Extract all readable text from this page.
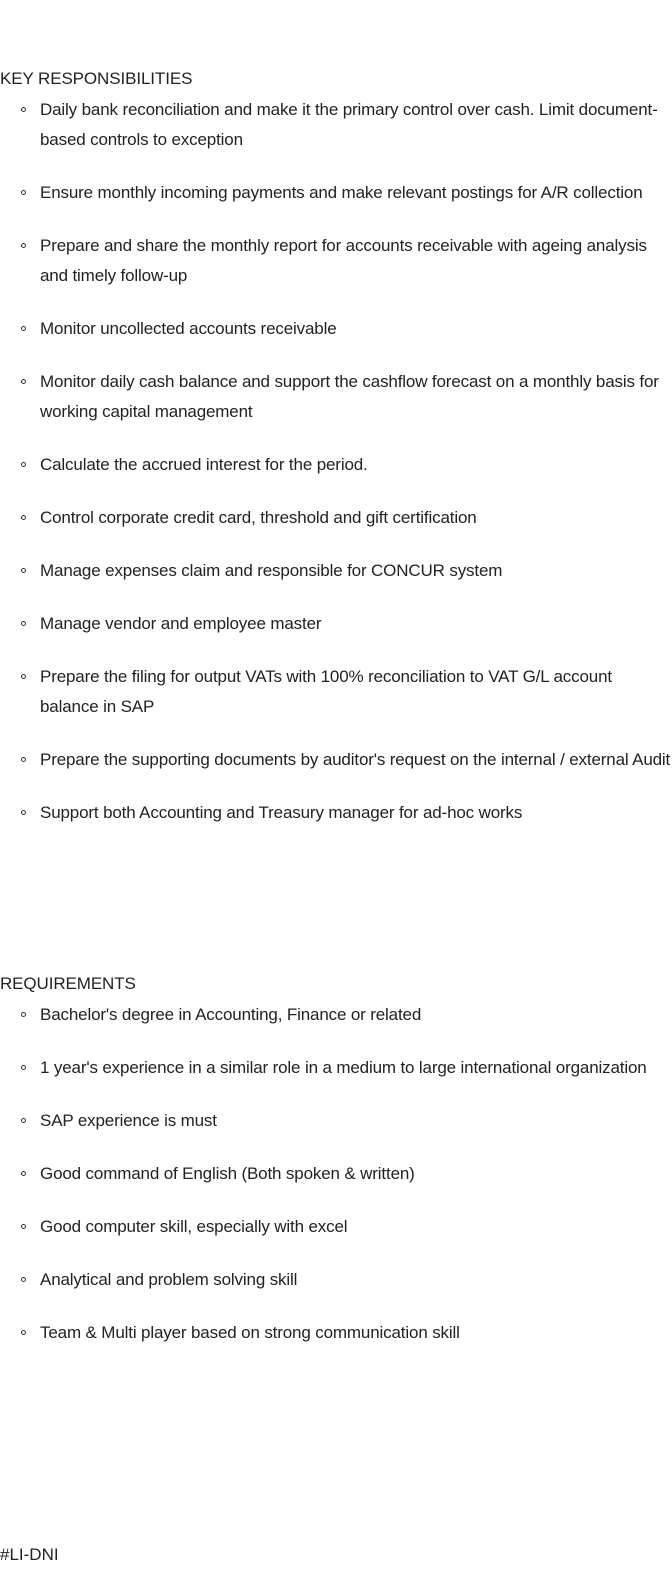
KEY RESPONSIBILITIES
Daily bank reconciliation and make it the primary control over cash. Limit document-based controls to exception
Ensure monthly incoming payments and make relevant postings for A/R collection
Prepare and share the monthly report for accounts receivable with ageing analysis and timely follow-up
Monitor uncollected accounts receivable
Monitor daily cash balance and support the cashflow forecast on a monthly basis for working capital management
Calculate the accrued interest for the period.
Control corporate credit card, threshold and gift certification
Manage expenses claim and responsible for CONCUR system
Manage vendor and employee master
Prepare the filing for output VATs with 100% reconciliation to VAT G/L account balance in SAP
Prepare the supporting documents by auditor's request on the internal / external Audit
Support both Accounting and Treasury manager for ad-hoc works
REQUIREMENTS
Bachelor's degree in Accounting, Finance or related
1 year's experience in a similar role in a medium to large international organization
SAP experience is must
Good command of English (Both spoken & written)
Good computer skill, especially with excel
Analytical and problem solving skill
Team & Multi player based on strong communication skill
#LI-DNI
